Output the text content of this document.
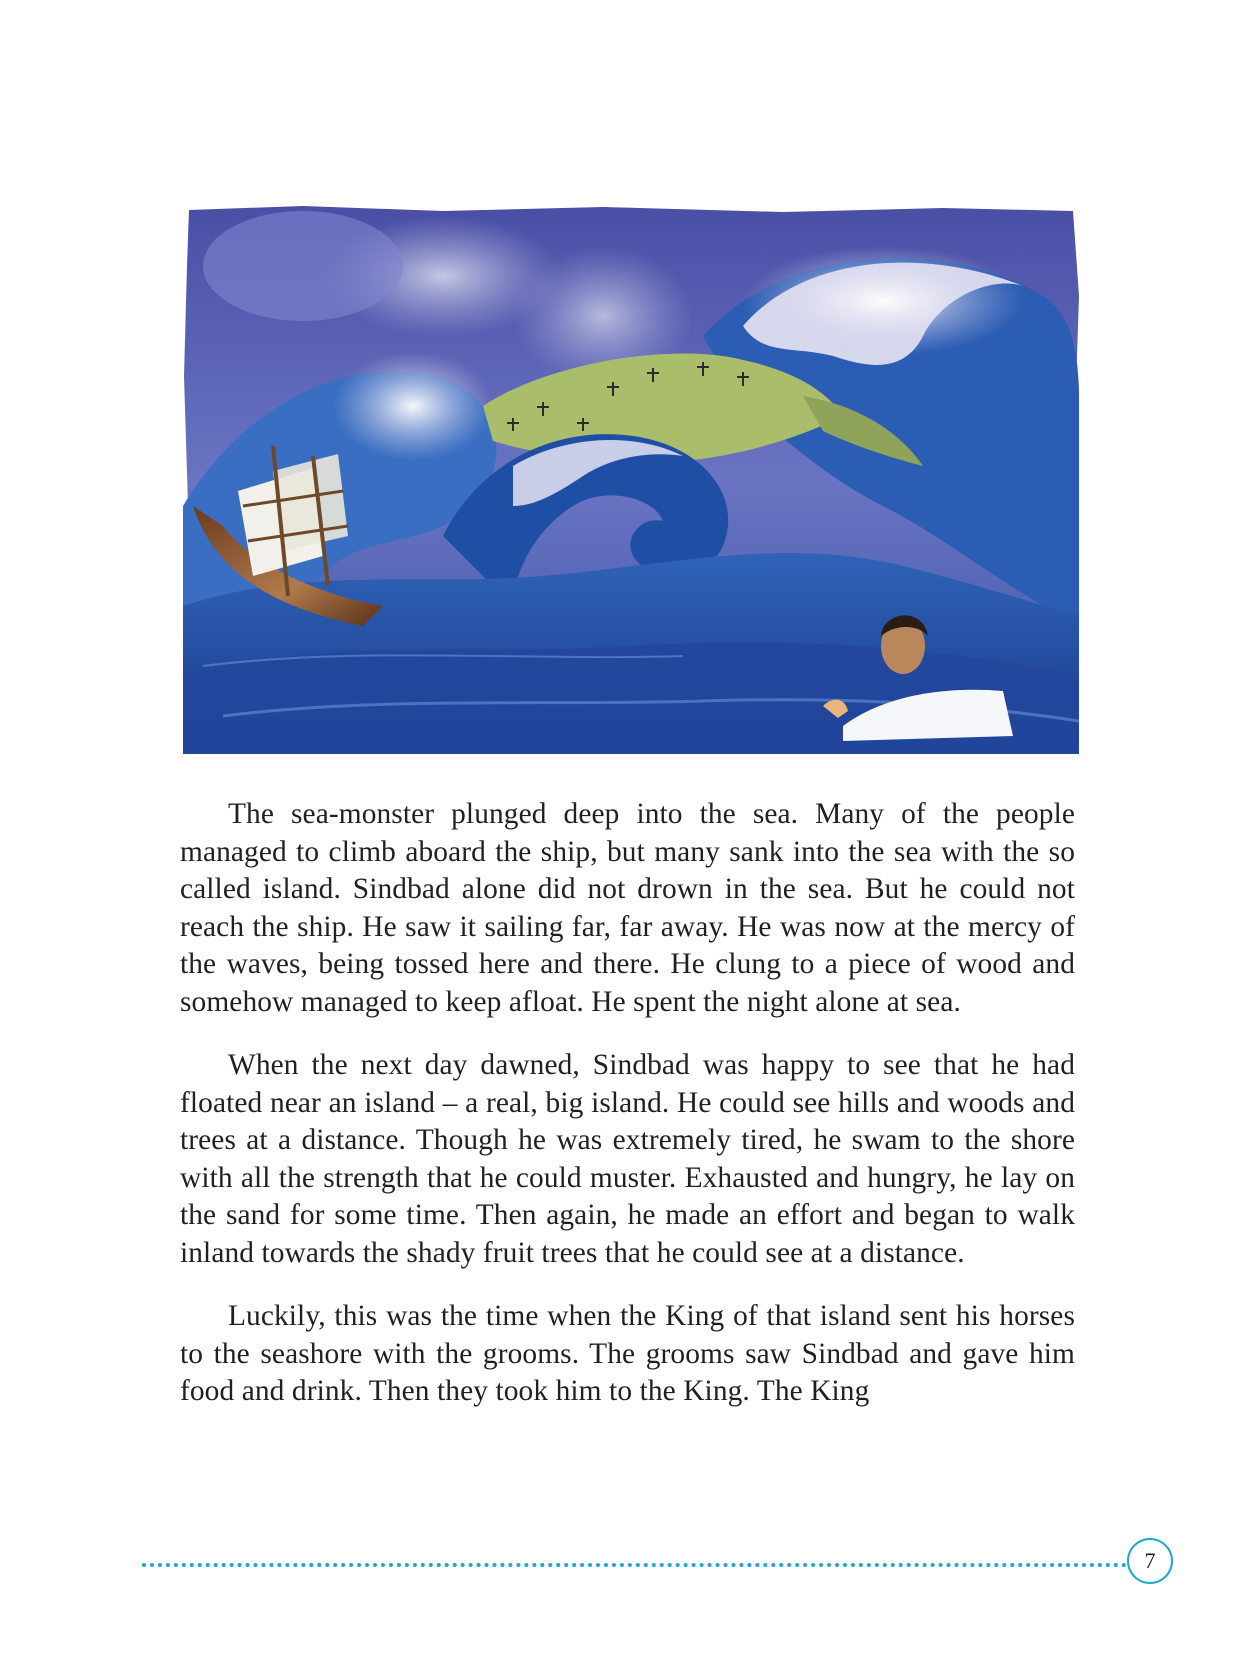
The sea-monster plunged deep into the sea. Many of the people managed to climb aboard the ship, but many sank into the sea with the so called island. Sindbad alone did not drown in the sea. But he could not reach the ship. He saw it sailing far, far away. He was now at the mercy of the waves, being tossed here and there. He clung to a piece of wood and somehow managed to keep afloat. He spent the night alone at sea.

When the next day dawned, Sindbad was happy to see that he had floated near an island – a real, big island. He could see hills and woods and trees at a distance. Though he was extremely tired, he swam to the shore with all the strength that he could muster. Exhausted and hungry, he lay on the sand for some time. Then again, he made an effort and began to walk inland towards the shady fruit trees that he could see at a distance.

Luckily, this was the time when the King of that island sent his horses to the seashore with the grooms. The grooms saw Sindbad and gave him food and drink. Then they took him to the King. The King

7
